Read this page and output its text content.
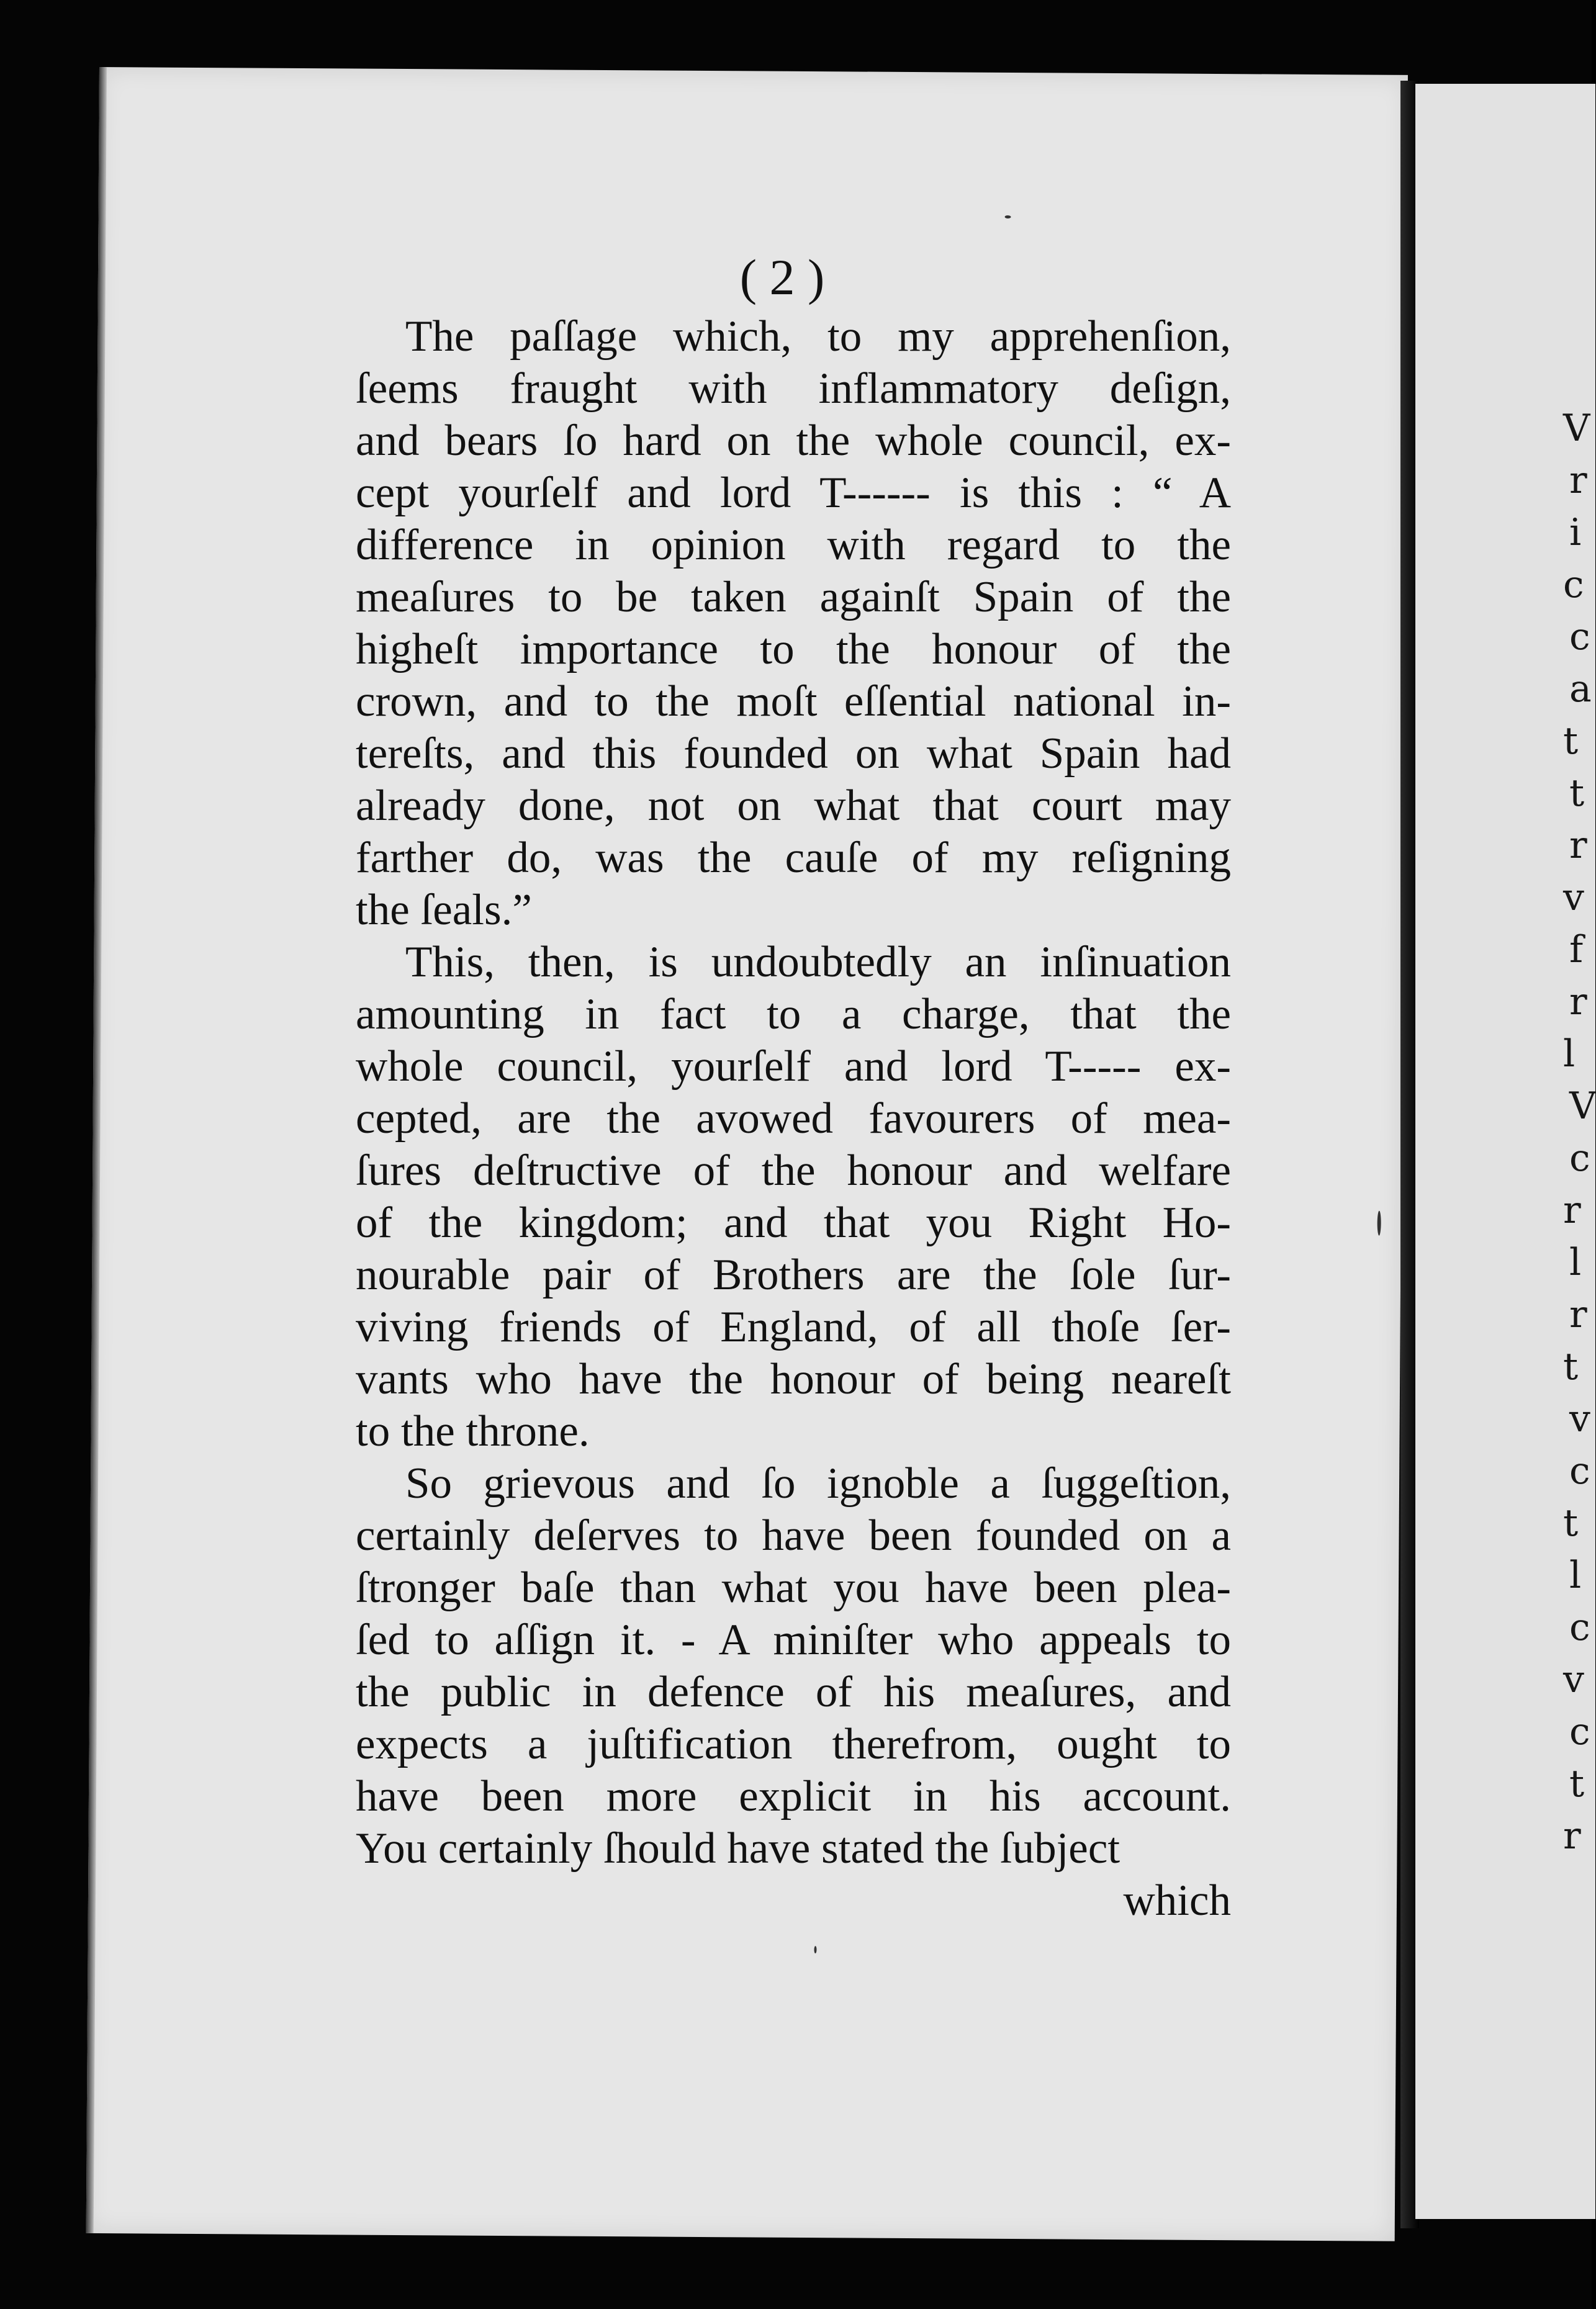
V
r
i
c
c
a
t
t
r
v
f
r
l
V
c
r
l
r
t
v
c
t
l
c
v
c
t
r
( 2 )
The paſſage which, to my apprehenſion,
ſeems fraught with inflammatory deſign,
and bears ſo hard on the whole council, ex-
cept yourſelf and lord T------ is this : “ A
difference in opinion with regard to the
meaſures to be taken againſt Spain of the
higheſt importance to the honour of the
crown, and to the moſt eſſential national in-
tereſts, and this founded on what Spain had
already done, not on what that court may
farther do, was the cauſe of my reſigning
the ſeals.”
This, then, is undoubtedly an inſinuation
amounting in fact to a charge, that the
whole council, yourſelf and lord T----- ex-
cepted, are the avowed favourers of mea-
ſures deſtructive of the honour and welfare
of the kingdom; and that you Right Ho-
nourable pair of Brothers are the ſole ſur-
viving friends of England, of all thoſe ſer-
vants who have the honour of being neareſt
to the throne.
So grievous and ſo ignoble a ſuggeſtion,
certainly deſerves to have been founded on a
ſtronger baſe than what you have been plea-
ſed to aſſign it. - A miniſter who appeals to
the public in defence of his meaſures, and
expects a juſtification therefrom, ought to
have been more explicit in his account.
You certainly ſhould have stated the ſubject
which
